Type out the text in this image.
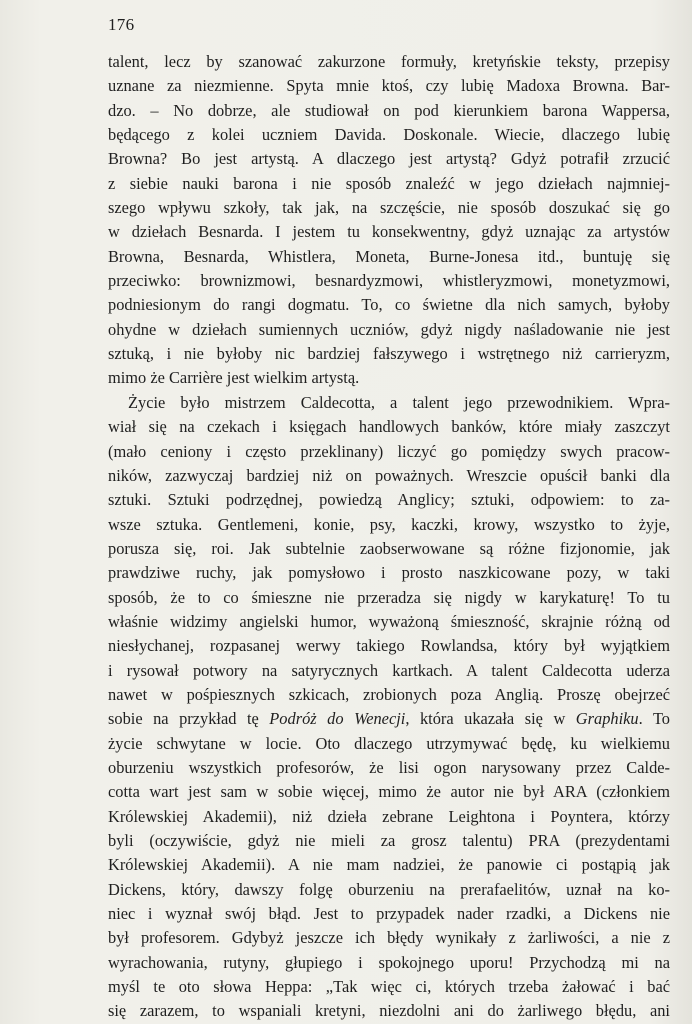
176
talent, lecz by szanować zakurzone formuły, kretyńskie teksty, przepisy
uznane za niezmienne. Spyta mnie ktoś, czy lubię Madoxa Browna. Bar-
dzo. – No dobrze, ale studiował on pod kierunkiem barona Wappersa,
będącego z kolei uczniem Davida. Doskonale. Wiecie, dlaczego lubię
Browna? Bo jest artystą. A dlaczego jest artystą? Gdyż potrafił zrzucić
z siebie nauki barona i nie sposób znaleźć w jego dziełach najmniej-
szego wpływu szkoły, tak jak, na szczęście, nie sposób doszukać się go
w dziełach Besnarda. I jestem tu konsekwentny, gdyż uznając za artystów
Browna, Besnarda, Whistlera, Moneta, Burne-Jonesa itd., buntuję się
przeciwko: brownizmowi, besnardyzmowi, whistleryzmowi, monetyzmowi,
podniesionym do rangi dogmatu. To, co świetne dla nich samych, byłoby
ohydne w dziełach sumiennych uczniów, gdyż nigdy naśladowanie nie jest
sztuką, i nie byłoby nic bardziej fałszywego i wstrętnego niż carrieryzm,
mimo że Carrière jest wielkim artystą.
Życie było mistrzem Caldecotta, a talent jego przewodnikiem. Wpra-
wiał się na czekach i księgach handlowych banków, które miały zaszczyt
(mało ceniony i często przeklinany) liczyć go pomiędzy swych pracow-
ników, zazwyczaj bardziej niż on poważnych. Wreszcie opuścił banki dla
sztuki. Sztuki podrzędnej, powiedzą Anglicy; sztuki, odpowiem: to za-
wsze sztuka. Gentlemeni, konie, psy, kaczki, krowy, wszystko to żyje,
porusza się, roi. Jak subtelnie zaobserwowane są różne fizjonomie, jak
prawdziwe ruchy, jak pomysłowo i prosto naszkicowane pozy, w taki
sposób, że to co śmieszne nie przeradza się nigdy w karykaturę! To tu
właśnie widzimy angielski humor, wyważoną śmieszność, skrajnie różną od
niesłychanej, rozpasanej werwy takiego Rowlandsa, który był wyjątkiem
i rysował potwory na satyrycznych kartkach. A talent Caldecotta uderza
nawet w pośpiesznych szkicach, zrobionych poza Anglią. Proszę obejrzeć
sobie na przykład tę Podróż do Wenecji, która ukazała się w Graphiku. To
życie schwytane w locie. Oto dlaczego utrzymywać będę, ku wielkiemu
oburzeniu wszystkich profesorów, że lisi ogon narysowany przez Calde-
cotta wart jest sam w sobie więcej, mimo że autor nie był ARA (członkiem
Królewskiej Akademii), niż dzieła zebrane Leightona i Poyntera, którzy
byli (oczywiście, gdyż nie mieli za grosz talentu) PRA (prezydentami
Królewskiej Akademii). A nie mam nadziei, że panowie ci postąpią jak
Dickens, który, dawszy folgę oburzeniu na prerafaelitów, uznał na ko-
niec i wyznał swój błąd. Jest to przypadek nader rzadki, a Dickens nie
był profesorem. Gdybyż jeszcze ich błędy wynikały z żarliwości, a nie z
wyrachowania, rutyny, głupiego i spokojnego uporu! Przychodzą mi na
myśl te oto słowa Heppa: „Tak więc ci, których trzeba żałować i bać
się zarazem, to wspaniali kretyni, niezdolni ani do żarliwego błędu, ani
